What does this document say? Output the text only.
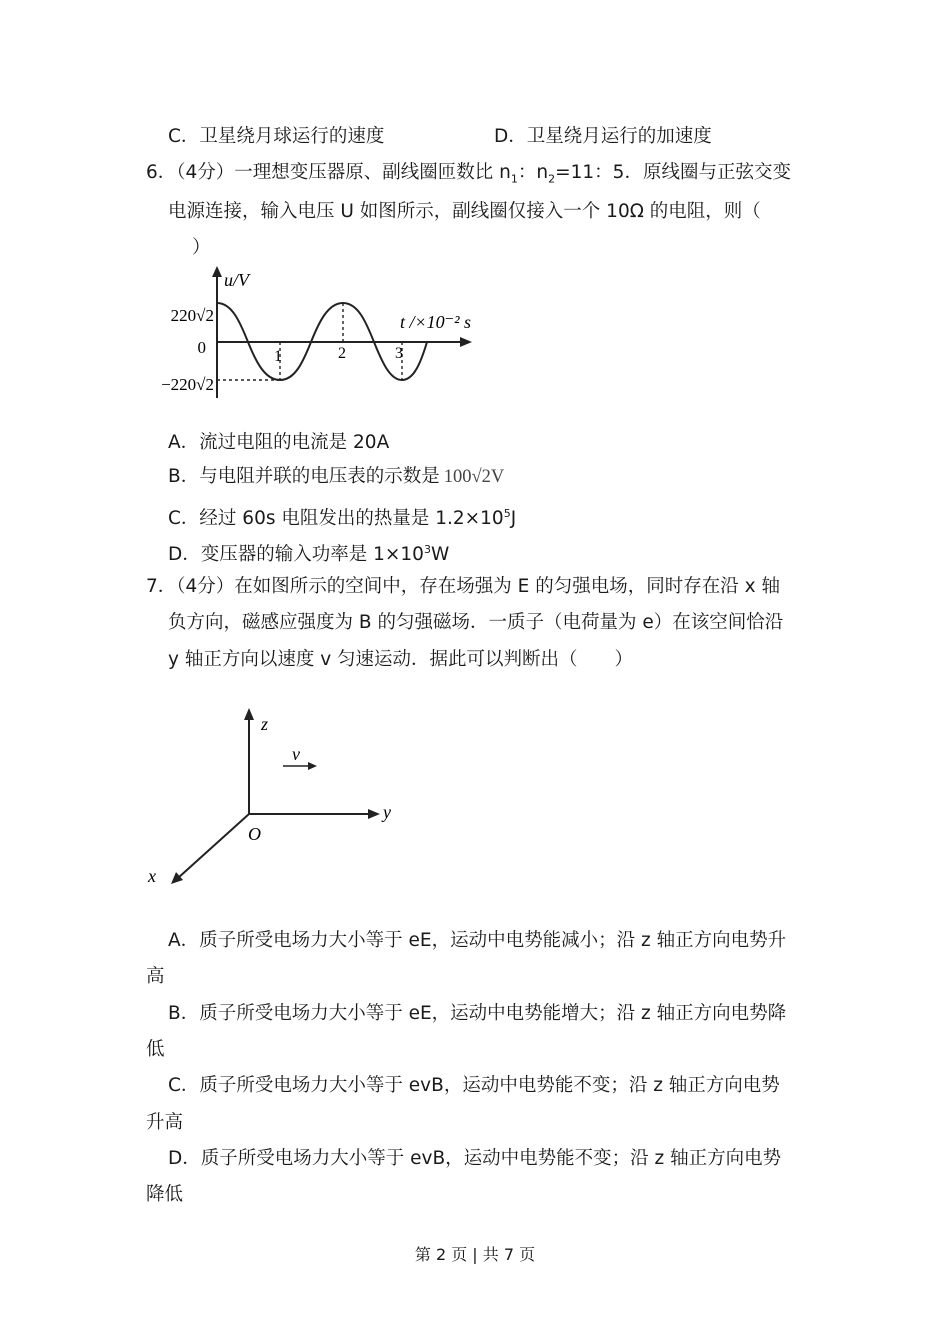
C．卫星绕月球运行的速度	D．卫星绕月运行的加速度
6．（4分）一理想变压器原、副线圈匝数比 $n_1$：$n_2=11$：5．原线圈与正弦交变
电源连接，输入电压 U 如图所示，副线圈仅接入一个 10Ω 的电阻，则（
）
u/V
t /×10⁻² s
220√2
0
−220√2
1	2	3
A．流过电阻的电流是 20A
B．与电阻并联的电压表的示数是 100√2V
C．经过 60s 电阻发出的热量是 $1.2\times 10^5J$
D．变压器的输入功率是 $1\times 10^3W$
7．（4分）在如图所示的空间中，存在场强为 E 的匀强电场，同时存在沿 x 轴
负方向，磁感应强度为 B 的匀强磁场．一质子（电荷量为 e）在该空间恰沿
y 轴正方向以速度 v 匀速运动．据此可以判断出（　　）
z
y
x
O
v
A．质子所受电场力大小等于 eE，运动中电势能减小；沿 z 轴正方向电势升
高
B．质子所受电场力大小等于 eE，运动中电势能增大；沿 z 轴正方向电势降
低
C．质子所受电场力大小等于 evB，运动中电势能不变；沿 z 轴正方向电势
升高
D．质子所受电场力大小等于 evB，运动中电势能不变；沿 z 轴正方向电势
降低
第 2 页 | 共 7 页
